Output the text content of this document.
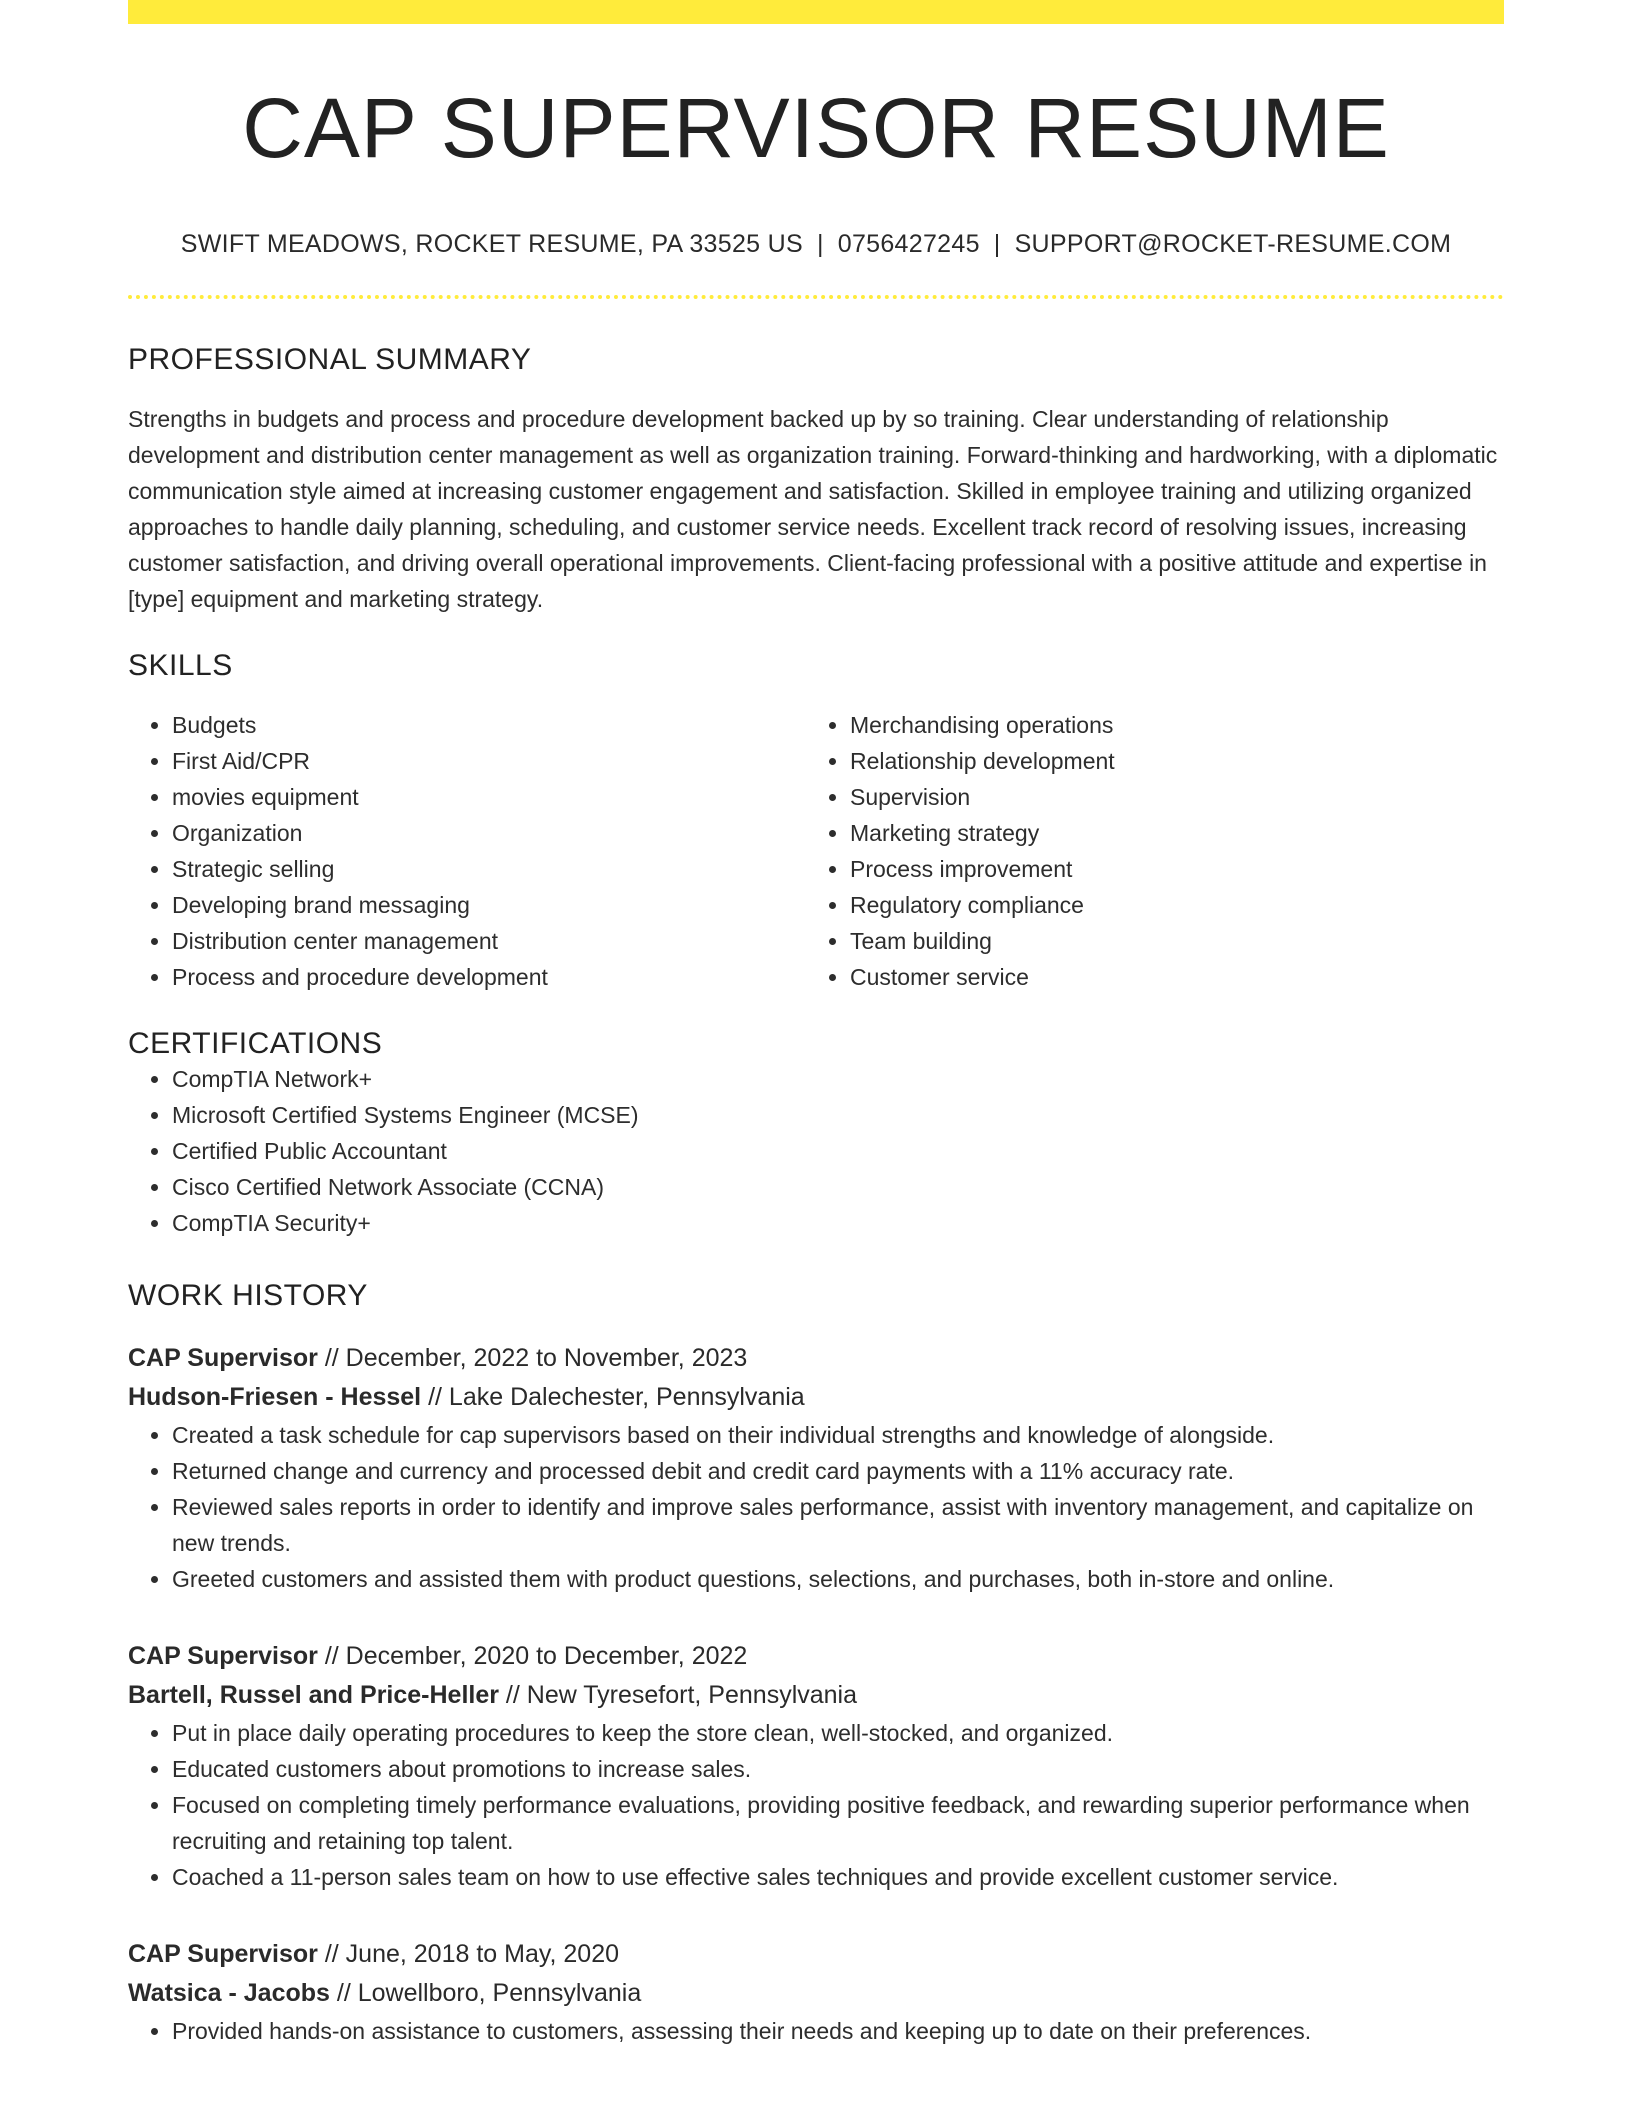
CAP SUPERVISOR RESUME
SWIFT MEADOWS, ROCKET RESUME, PA 33525 US | 0756427245 | SUPPORT@ROCKET-RESUME.COM
PROFESSIONAL SUMMARY

Strengths in budgets and process and procedure development backed up by so training. Clear understanding of relationship development and distribution center management as well as organization training. Forward-thinking and hardworking, with a diplomatic communication style aimed at increasing customer engagement and satisfaction. Skilled in employee training and utilizing organized approaches to handle daily planning, scheduling, and customer service needs. Excellent track record of resolving issues, increasing customer satisfaction, and driving overall operational improvements. Client-facing professional with a positive attitude and expertise in [type] equipment and marketing strategy.

SKILLS
• Budgets
• First Aid/CPR
• movies equipment
• Organization
• Strategic selling
• Developing brand messaging
• Distribution center management
• Process and procedure development
• Merchandising operations
• Relationship development
• Supervision
• Marketing strategy
• Process improvement
• Regulatory compliance
• Team building
• Customer service
CERTIFICATIONS
• CompTIA Network+
• Microsoft Certified Systems Engineer (MCSE)
• Certified Public Accountant
• Cisco Certified Network Associate (CCNA)
• CompTIA Security+
WORK HISTORY
CAP Supervisor // December, 2022 to November, 2023
Hudson-Friesen - Hessel // Lake Dalechester, Pennsylvania
• Created a task schedule for cap supervisors based on their individual strengths and knowledge of alongside.
• Returned change and currency and processed debit and credit card payments with a 11% accuracy rate.
• Reviewed sales reports in order to identify and improve sales performance, assist with inventory management, and capitalize on new trends.
• Greeted customers and assisted them with product questions, selections, and purchases, both in-store and online.
CAP Supervisor // December, 2020 to December, 2022
Bartell, Russel and Price-Heller // New Tyresefort, Pennsylvania
• Put in place daily operating procedures to keep the store clean, well-stocked, and organized.
• Educated customers about promotions to increase sales.
• Focused on completing timely performance evaluations, providing positive feedback, and rewarding superior performance when recruiting and retaining top talent.
• Coached a 11-person sales team on how to use effective sales techniques and provide excellent customer service.
CAP Supervisor // June, 2018 to May, 2020
Watsica - Jacobs // Lowellboro, Pennsylvania
• Provided hands-on assistance to customers, assessing their needs and keeping up to date on their preferences.
